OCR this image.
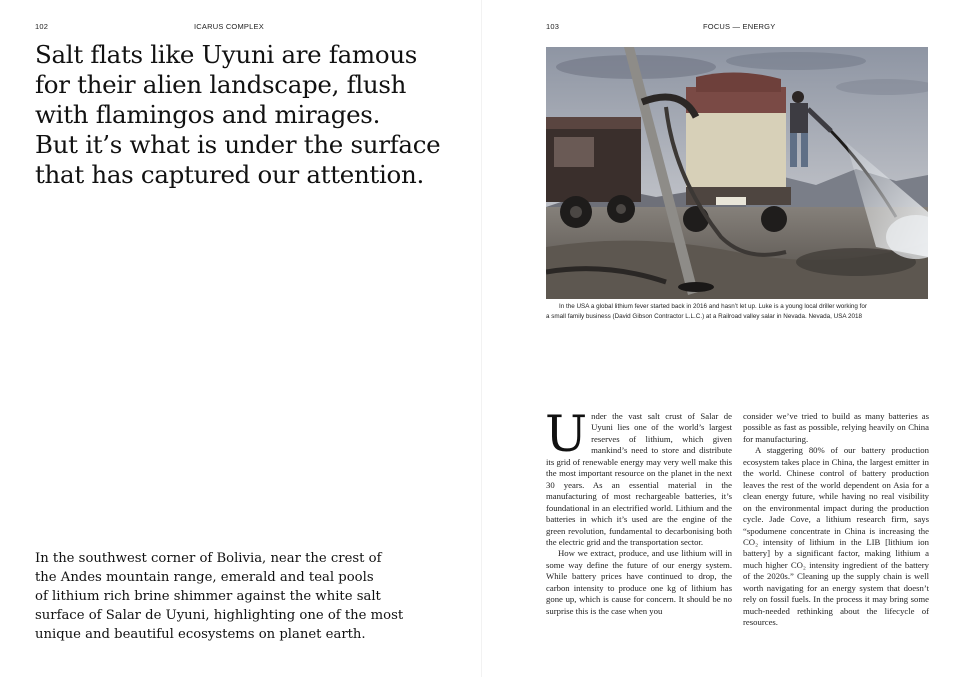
102	ICARUS COMPLEX
Salt flats like Uyuni are famous
for their alien landscape, flush
with flamingos and mirages.
But it’s what is under the surface
that has captured our attention.

In the southwest corner of Bolivia, near the crest of
the Andes mountain range, emerald and teal pools
of lithium rich brine shimmer against the white salt
surface of Salar de Uyuni, highlighting one of the most
unique and beautiful ecosystems on planet earth.

103	FOCUS — ENERGY

In the USA a global lithium fever started back in 2016 and hasn’t let up. Luke is a young local driller working for
a small family business (David Gibson Contractor L.L.C.) at a Railroad valley salar in Nevada. Nevada, USA 2018

Under the vast salt crust of Salar de Uyuni lies one of the world’s largest reserves of lithium, which given mankind’s need to store and distribute its grid of renewable energy may very well make this the most important resource on the planet in the next 30 years. As an essential material in the manufacturing of most rechargeable batteries, it’s foundational in an electrified world. Lithium and the batteries in which it’s used are the engine of the green revolution, fundamental to decarbonising both the electric grid and the transportation sector.

How we extract, produce, and use lithium will in some way define the future of our energy system. While battery prices have continued to drop, the carbon intensity to produce one kg of lithium has gone up, which is cause for concern. It should be no surprise this is the case when you

consider we’ve tried to build as many batteries as possible as fast as possible, relying heavily on China for manufacturing.

A staggering 80% of our battery production ecosystem takes place in China, the largest emitter in the world. Chinese control of battery production leaves the rest of the world dependent on Asia for a clean energy future, while having no real visibility on the environmental impact during the production cycle. Jade Cove, a lithium research firm, says “spodumene concentrate in China is increasing the CO₂ intensity of lithium in the LIB [lithium ion battery] by a significant factor, making lithium a much higher CO₂ intensity ingredient of the battery of the 2020s.” Cleaning up the supply chain is well worth navigating for an energy system that doesn’t rely on fossil fuels. In the process it may bring some much-needed rethinking about the lifecycle of resources.
